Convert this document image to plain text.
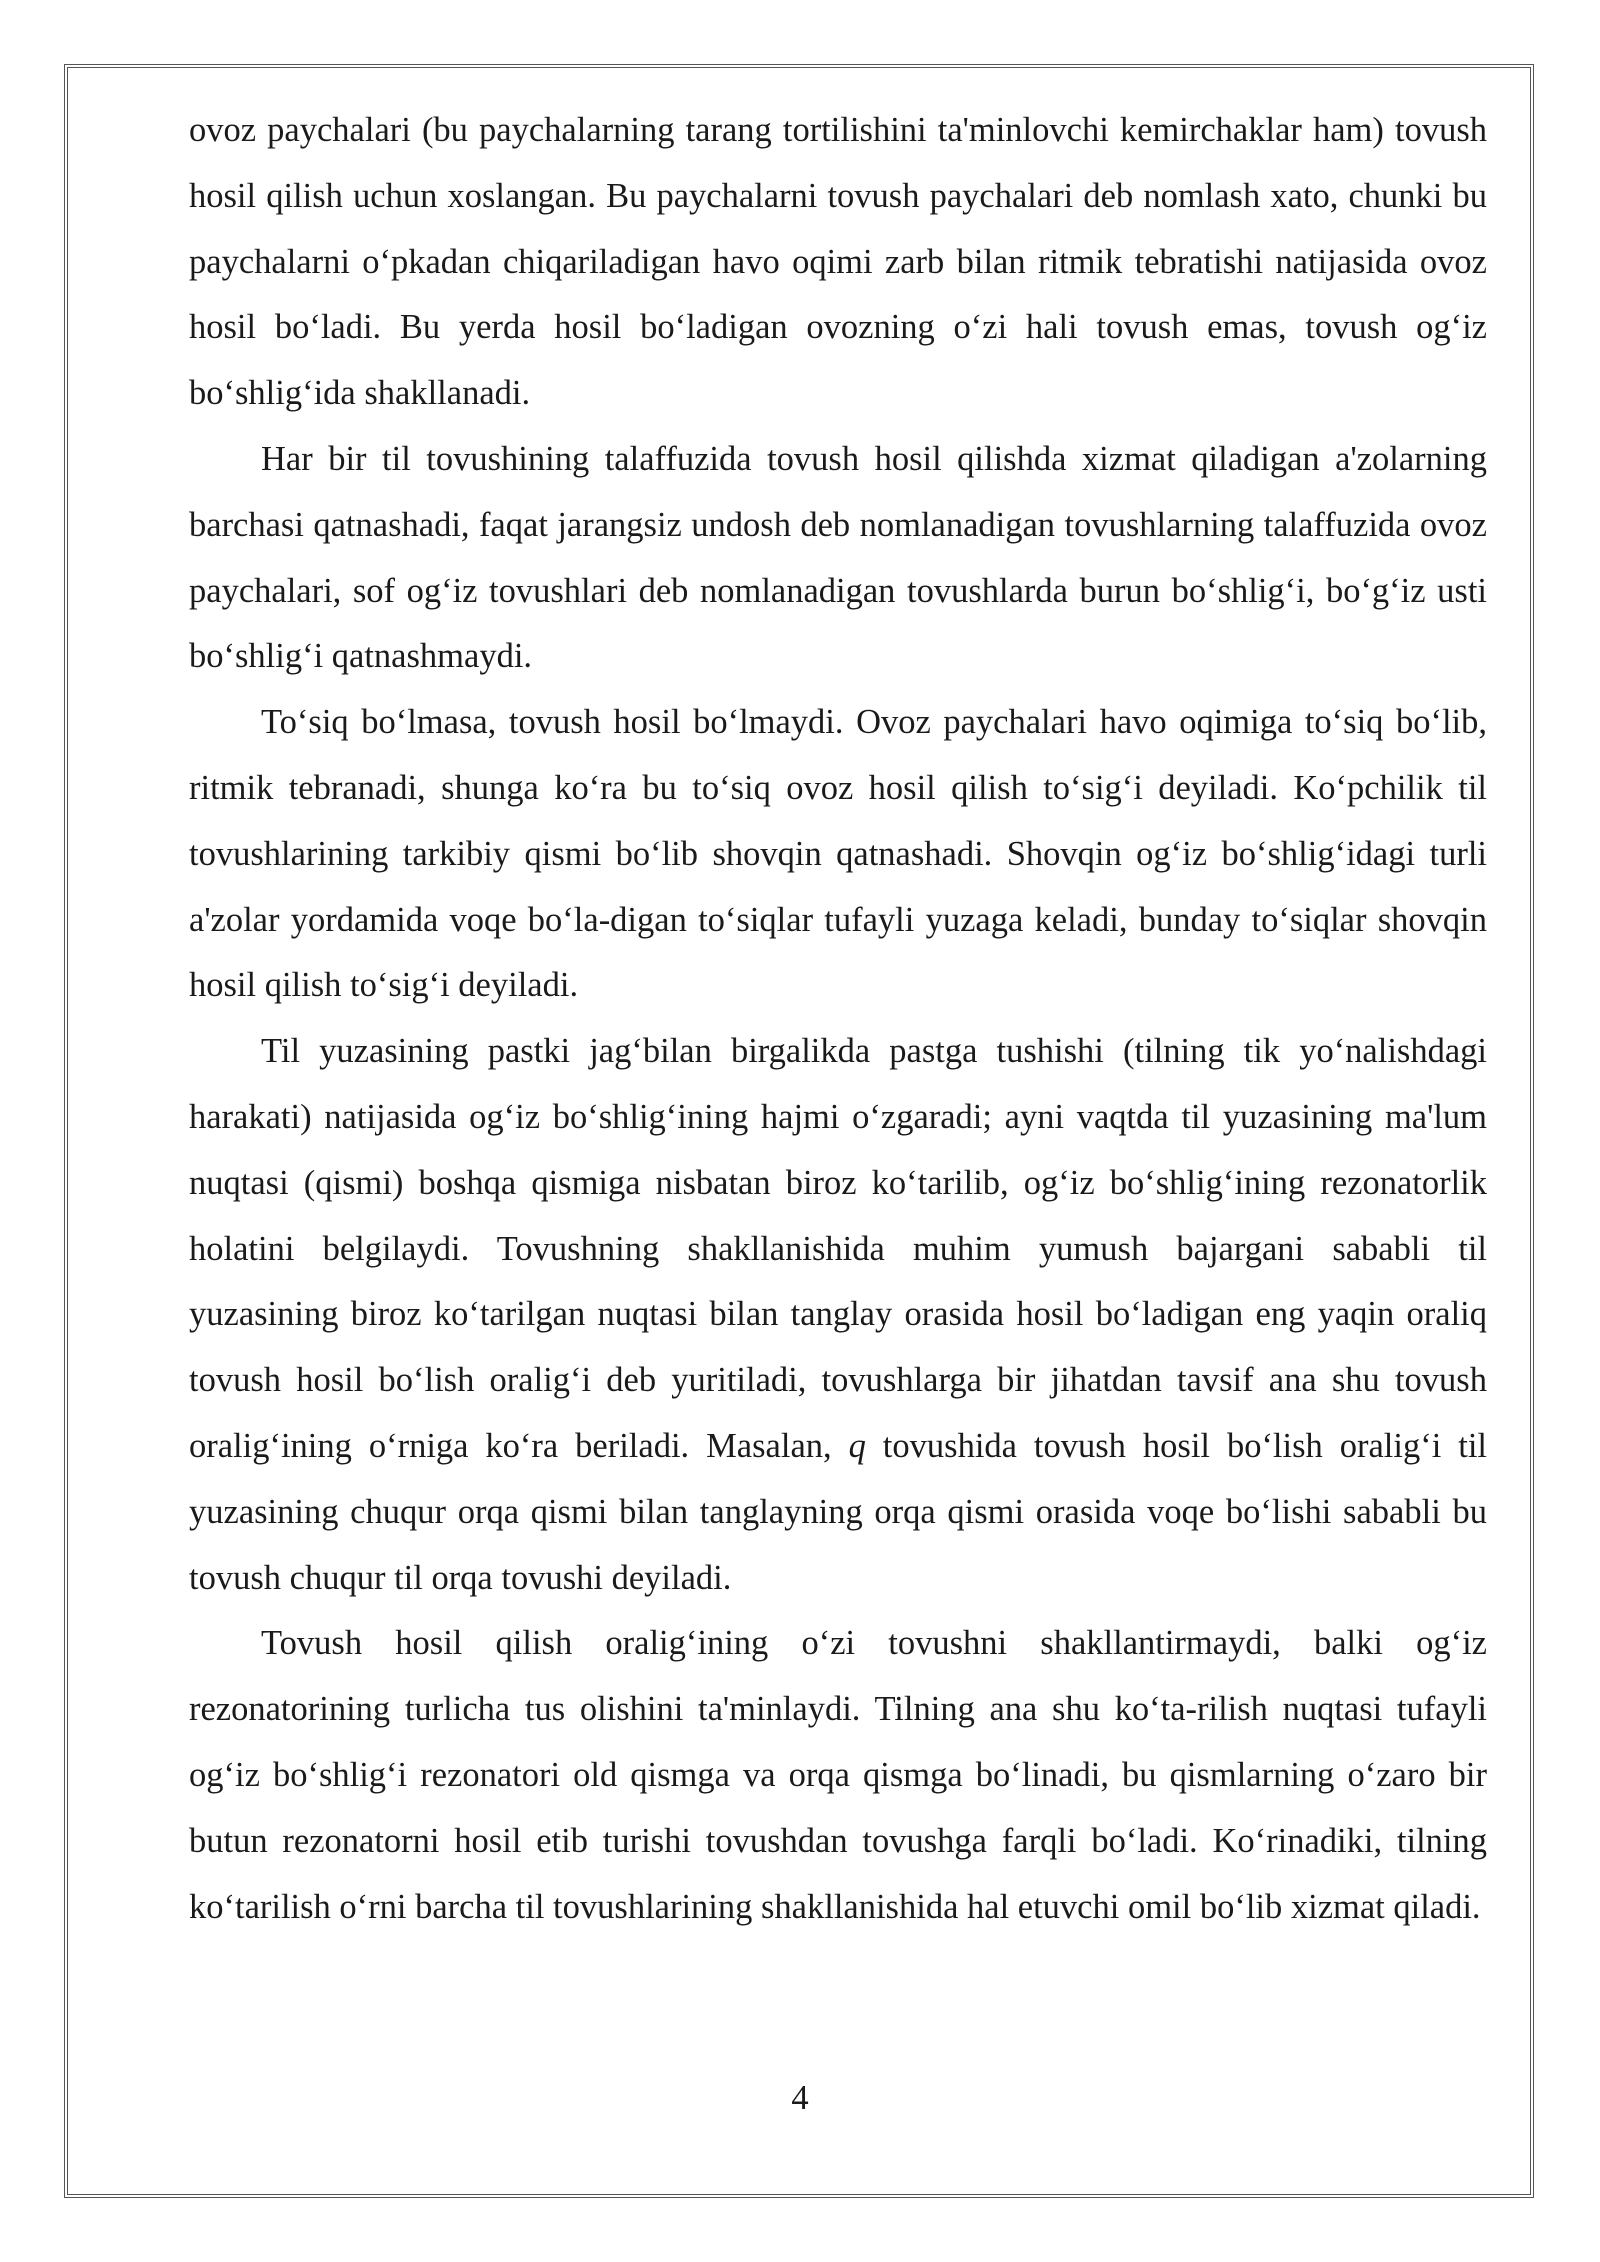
ovoz paychalari (bu paychalarning tarang tortilishini ta'minlovchi kemirchaklar ham) tovush hosil qilish uchun xoslangan. Bu paychalarni tovush paychalari deb nomlash xato, chunki bu paychalarni o‘pkadan chiqariladigan havo oqimi zarb bilan ritmik tebratishi natijasida ovoz hosil bo‘ladi. Bu yerda hosil bo‘ladigan ovozning o‘zi hali tovush emas, tovush og‘iz bo‘shlig‘ida shakllanadi.

Har bir til tovushining talaffuzida tovush hosil qilishda xizmat qiladigan a'zolarning barchasi qatnashadi, faqat jarangsiz undosh deb nomlanadigan tovushlarning talaffuzida ovoz paychalari, sof og‘iz tovushlari deb nomlanadigan tovushlarda burun bo‘shlig‘i, bo‘g‘iz usti bo‘shlig‘i qatnashmaydi.

To‘siq bo‘lmasa, tovush hosil bo‘lmaydi. Ovoz paychalari havo oqimiga to‘siq bo‘lib, ritmik tebranadi, shunga ko‘ra bu to‘siq ovoz hosil qilish to‘sig‘i deyiladi. Ko‘pchilik til tovushlarining tarkibiy qismi bo‘lib shovqin qatnashadi. Shovqin og‘iz bo‘shlig‘idagi turli a'zolar yordamida voqe bo‘la-digan to‘siqlar tufayli yuzaga keladi, bunday to‘siqlar shovqin hosil qilish to‘sig‘i deyiladi.

Til yuzasining pastki jag‘bilan birgalikda pastga tushishi (tilning tik yo‘nalishdagi harakati) natijasida og‘iz bo‘shlig‘ining hajmi o‘zgaradi; ayni vaqtda til yuzasining ma'lum nuqtasi (qismi) boshqa qismiga nisbatan biroz ko‘tarilib, og‘iz bo‘shlig‘ining rezonatorlik holatini belgilaydi. Tovushning shakllanishida muhim yumush bajargani sababli til yuzasining biroz ko‘tarilgan nuqtasi bilan tanglay orasida hosil bo‘ladigan eng yaqin oraliq tovush hosil bo‘lish oralig‘i deb yuritiladi, tovushlarga bir jihatdan tavsif ana shu tovush oralig‘ining o‘rniga ko‘ra beriladi. Masalan, q tovushida tovush hosil bo‘lish oralig‘i til yuzasining chuqur orqa qismi bilan tanglayning orqa qismi orasida voqe bo‘lishi sababli bu tovush chuqur til orqa tovushi deyiladi.

Tovush hosil qilish oralig‘ining o‘zi tovushni shakllantirmaydi, balki og‘iz rezonatorining turlicha tus olishini ta'minlaydi. Tilning ana shu ko‘ta-rilish nuqtasi tufayli og‘iz bo‘shlig‘i rezonatori old qismga va orqa qismga bo‘linadi, bu qismlarning o‘zaro bir butun rezonatorni hosil etib turishi tovushdan tovushga farqli bo‘ladi. Ko‘rinadiki, tilning ko‘tarilish o‘rni barcha til tovushlarining shakllanishida hal etuvchi omil bo‘lib xizmat qiladi.

4
